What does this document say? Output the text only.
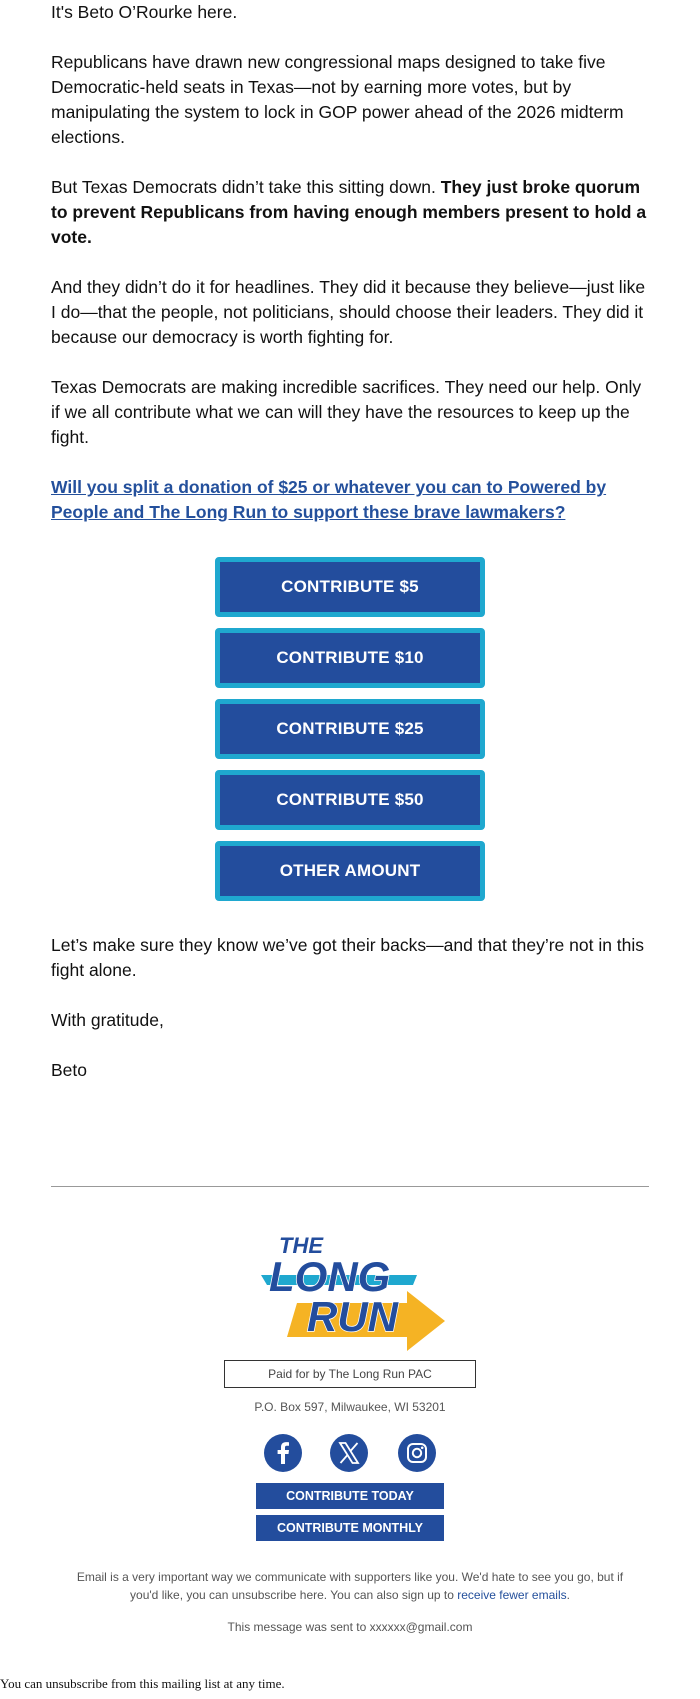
It's Beto O’Rourke here.

Republicans have drawn new congressional maps designed to take five Democratic-held seats in Texas—not by earning more votes, but by manipulating the system to lock in GOP power ahead of the 2026 midterm elections.

But Texas Democrats didn’t take this sitting down. They just broke quorum to prevent Republicans from having enough members present to hold a vote.

And they didn’t do it for headlines. They did it because they believe—just like I do—that the people, not politicians, should choose their leaders. They did it because our democracy is worth fighting for.

Texas Democrats are making incredible sacrifices. They need our help. Only if we all contribute what we can will they have the resources to keep up the fight.

Will you split a donation of $25 or whatever you can to Powered by People and The Long Run to support these brave lawmakers?
CONTRIBUTE $5
CONTRIBUTE $10
CONTRIBUTE $25
CONTRIBUTE $50
OTHER AMOUNT

Let’s make sure they know we’ve got their backs—and that they’re not in this fight alone.

With gratitude,

Beto

THE
LONG
RUN
Paid for by The Long Run PAC
P.O. Box 597, Milwaukee, WI 53201
CONTRIBUTE TODAY
CONTRIBUTE MONTHLY
Email is a very important way we communicate with supporters like you. We'd hate to see you go, but if you'd like, you can unsubscribe here. You can also sign up to receive fewer emails.
This message was sent to xxxxxx@gmail.com
You can unsubscribe from this mailing list at any time.
